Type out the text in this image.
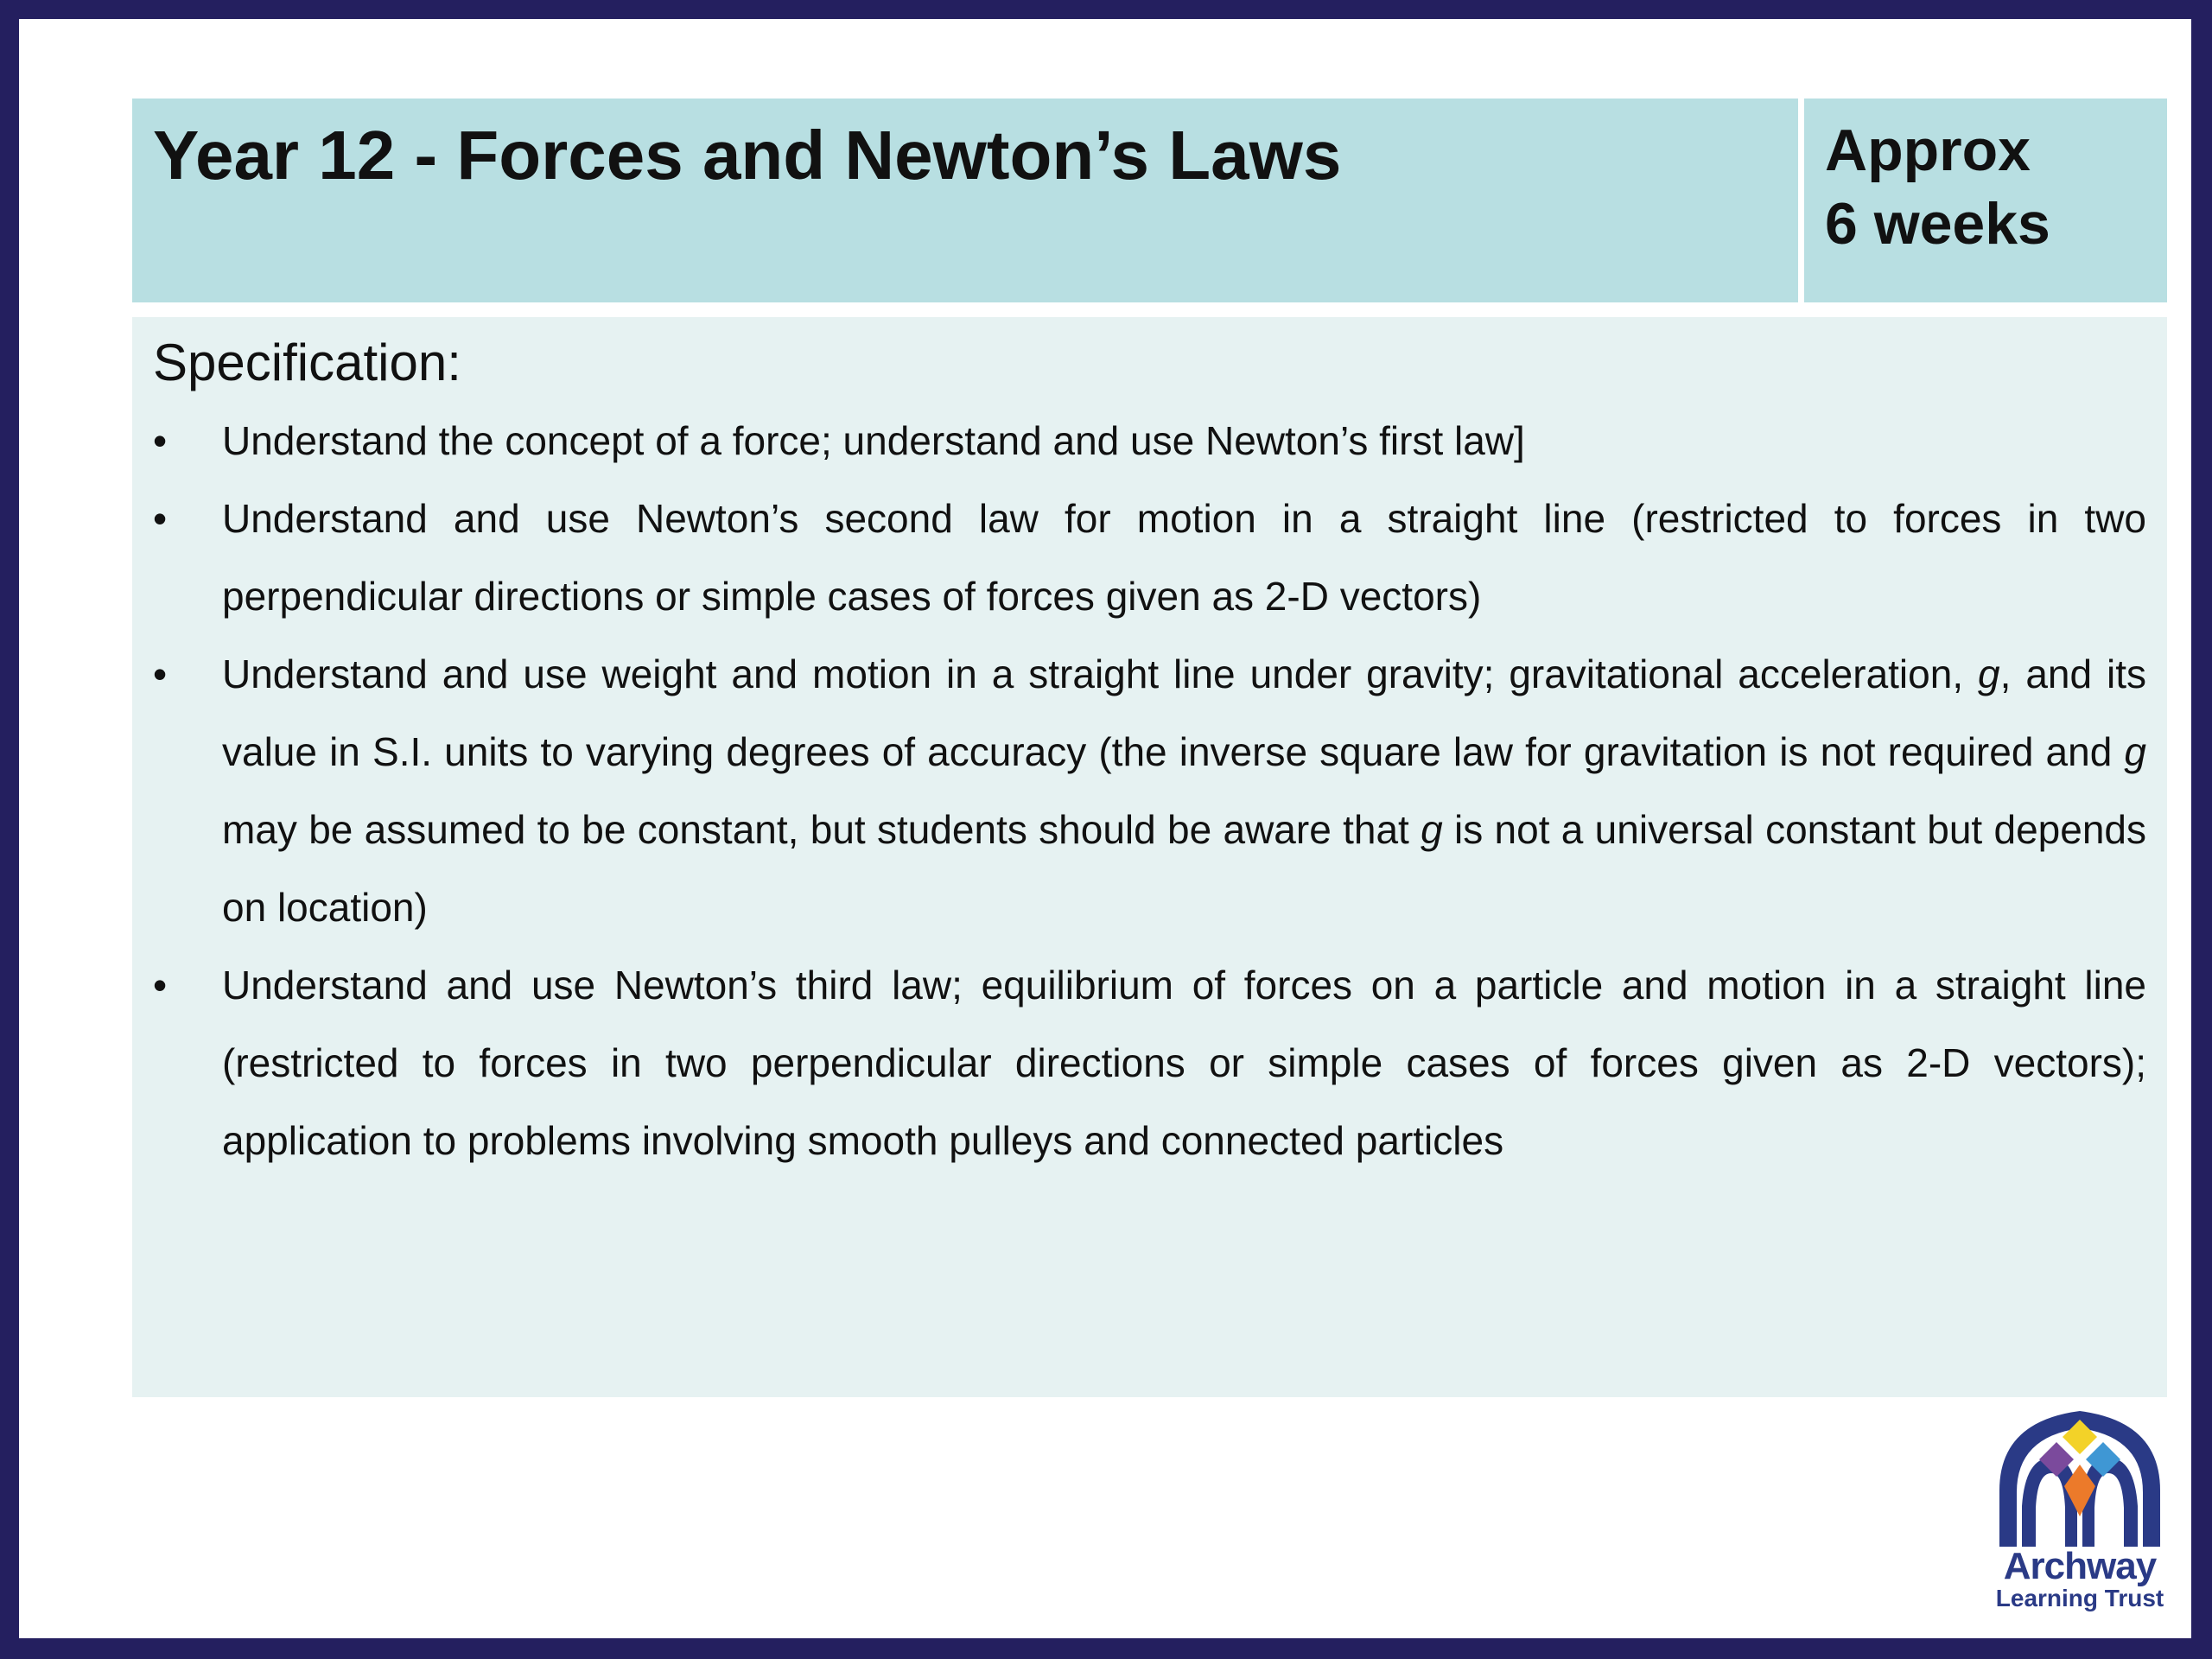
Year 12 - Forces and Newton’s Laws	Approx
6 weeks

Specification:
•	Understand the concept of a force; understand and use Newton’s first law]
•	Understand and use Newton’s second law for motion in a straight line (restricted to forces in two perpendicular directions or simple cases of forces given as 2-D vectors)
•	Understand and use weight and motion in a straight line under gravity; gravitational acceleration, g, and its value in S.I. units to varying degrees of accuracy (the inverse square law for gravitation is not required and g may be assumed to be constant, but students should be aware that g is not a universal constant but depends on location)
•	Understand and use Newton’s third law; equilibrium of forces on a particle and motion in a straight line (restricted to forces in two perpendicular directions or simple cases of forces given as 2-D vectors); application to problems involving smooth pulleys and connected particles

Archway

Learning Trust
